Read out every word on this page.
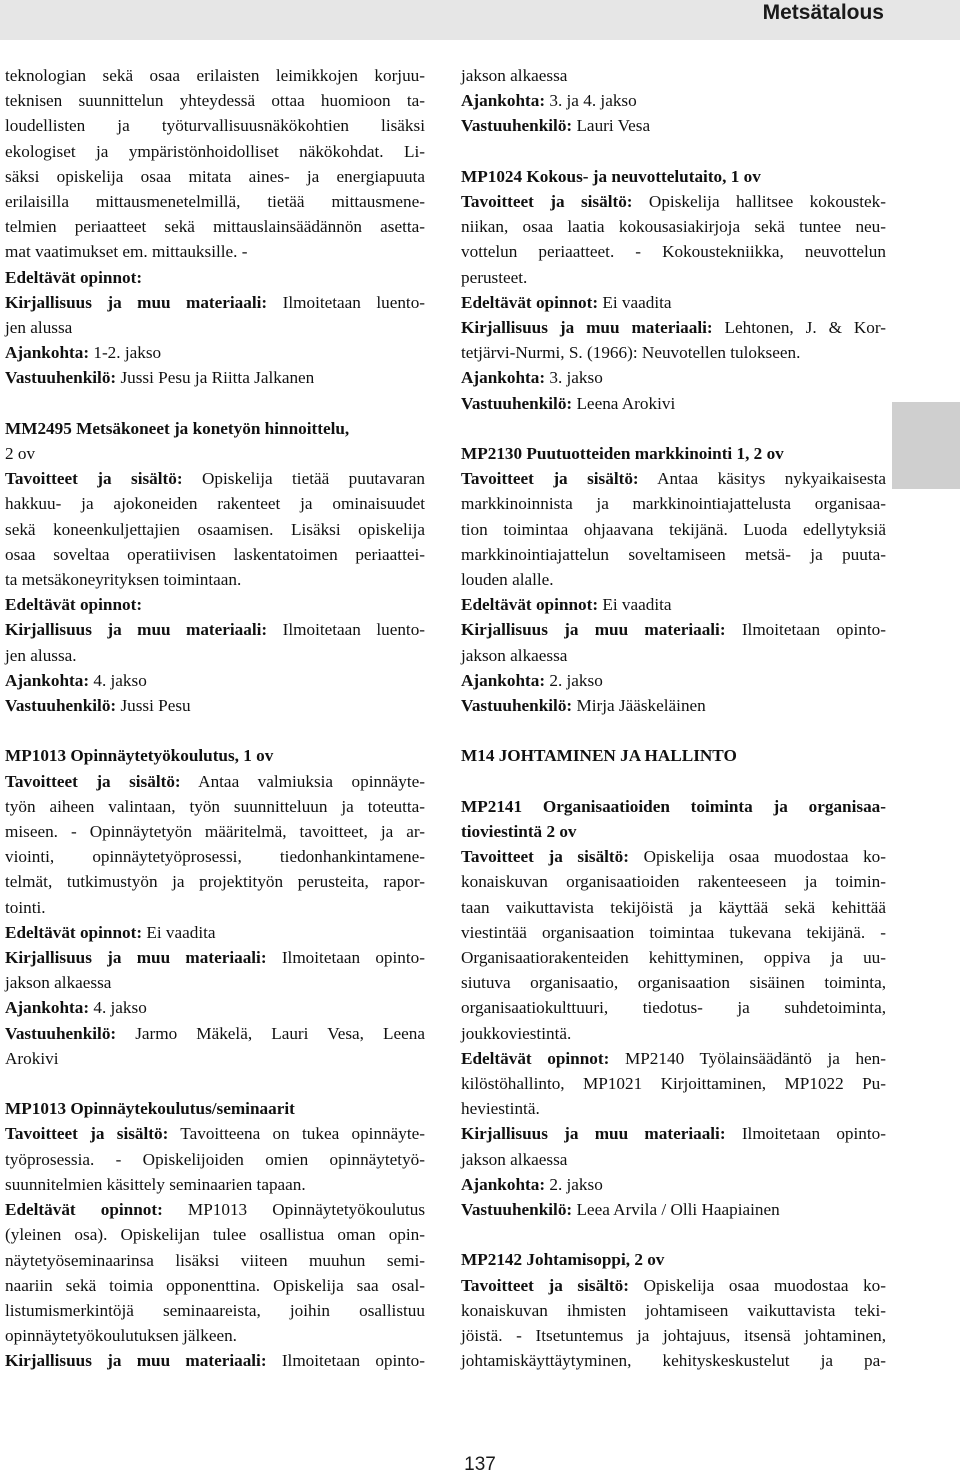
Metsätalous

teknologian sekä osaa erilaisten leimikkojen korjuu-

teknisen suunnittelun yhteydessä ottaa huomioon ta-

loudellisten ja työturvallisuusnäkökohtien lisäksi

ekologiset ja ympäristönhoidolliset näkökohdat. Li-

säksi opiskelija osaa mitata aines- ja energiapuuta

erilaisilla mittausmenetelmillä, tietää mittausmene-

telmien periaatteet sekä mittauslainsäädännön asetta-

mat vaatimukset em. mittauksille. -

Edeltävät opinnot:

Kirjallisuus ja muu materiaali: Ilmoitetaan luento-

jen alussa

Ajankohta: 1-2. jakso

Vastuuhenkilö: Jussi Pesu ja Riitta Jalkanen

MM2495 Metsäkoneet ja konetyön hinnoittelu,

2 ov

Tavoitteet ja sisältö: Opiskelija tietää puutavaran

hakkuu- ja ajokoneiden rakenteet ja ominaisuudet

sekä koneenkuljettajien osaamisen. Lisäksi opiskelija

osaa soveltaa operatiivisen laskentatoimen periaattei-

ta metsäkoneyrityksen toimintaan.

Edeltävät opinnot:

Kirjallisuus ja muu materiaali: Ilmoitetaan luento-

jen alussa.

Ajankohta: 4. jakso

Vastuuhenkilö: Jussi Pesu

MP1013 Opinnäytetyökoulutus, 1 ov

Tavoitteet ja sisältö: Antaa valmiuksia opinnäyte-

työn aiheen valintaan, työn suunnitteluun ja toteutta-

miseen. - Opinnäytetyön määritelmä, tavoitteet, ja ar-

viointi, opinnäytetyöprosessi, tiedonhankintamene-

telmät, tutkimustyön ja projektityön perusteita, rapor-

tointi.

Edeltävät opinnot: Ei vaadita

Kirjallisuus ja muu materiaali: Ilmoitetaan opinto-

jakson alkaessa

Ajankohta: 4. jakso

Vastuuhenkilö: Jarmo Mäkelä, Lauri Vesa, Leena

Arokivi

MP1013 Opinnäytekoulutus/seminaarit

Tavoitteet ja sisältö: Tavoitteena on tukea opinnäyte-

työprosessia. - Opiskelijoiden omien opinnäytetyö-

suunnitelmien käsittely seminaarien tapaan.

Edeltävät opinnot: MP1013 Opinnäytetyökoulutus

(yleinen osa). Opiskelijan tulee osallistua oman opin-

näytetyöseminaarinsa lisäksi viiteen muuhun semi-

naariin sekä toimia opponenttina. Opiskelija saa osal-

listumismerkintöjä seminaareista, joihin osallistuu

opinnäytetyökoulutuksen jälkeen.

Kirjallisuus ja muu materiaali: Ilmoitetaan opinto-

jakson alkaessa

Ajankohta: 3. ja 4. jakso

Vastuuhenkilö: Lauri Vesa

MP1024 Kokous- ja neuvottelutaito, 1 ov

Tavoitteet ja sisältö: Opiskelija hallitsee kokoustek-

niikan, osaa laatia kokousasiakirjoja sekä tuntee neu-

vottelun periaatteet. - Kokoustekniikka, neuvottelun

perusteet.

Edeltävät opinnot: Ei vaadita

Kirjallisuus ja muu materiaali: Lehtonen, J. & Kor-

tetjärvi-Nurmi, S. (1966): Neuvotellen tulokseen.

Ajankohta: 3. jakso

Vastuuhenkilö: Leena Arokivi

MP2130 Puutuotteiden markkinointi 1, 2 ov

Tavoitteet ja sisältö: Antaa käsitys nykyaikaisesta

markkinoinnista ja markkinointiajattelusta organisaa-

tion toimintaa ohjaavana tekijänä. Luoda edellytyksiä

markkinointiajattelun soveltamiseen metsä- ja puuta-

louden alalle.

Edeltävät opinnot: Ei vaadita

Kirjallisuus ja muu materiaali: Ilmoitetaan opinto-

jakson alkaessa

Ajankohta: 2. jakso

Vastuuhenkilö: Mirja Jääskeläinen

M14 JOHTAMINEN JA HALLINTO

MP2141 Organisaatioiden toiminta ja organisaa-

tioviestintä 2 ov

Tavoitteet ja sisältö: Opiskelija osaa muodostaa ko-

konaiskuvan organisaatioiden rakenteeseen ja toimin-

taan vaikuttavista tekijöistä ja käyttää sekä kehittää

viestintää organisaation toimintaa tukevana tekijänä. -

Organisaatiorakenteiden kehittyminen, oppiva ja uu-

siutuva organisaatio, organisaation sisäinen toiminta,

organisaatiokulttuuri, tiedotus- ja suhdetoiminta,

joukkoviestintä.

Edeltävät opinnot: MP2140 Työlainsäädäntö ja hen-

kilöstöhallinto, MP1021 Kirjoittaminen, MP1022 Pu-

heviestintä.

Kirjallisuus ja muu materiaali: Ilmoitetaan opinto-

jakson alkaessa

Ajankohta: 2. jakso

Vastuuhenkilö: Leea Arvila / Olli Haapiainen

MP2142 Johtamisoppi, 2 ov

Tavoitteet ja sisältö: Opiskelija osaa muodostaa ko-

konaiskuvan ihmisten johtamiseen vaikuttavista teki-

jöistä. - Itsetuntemus ja johtajuus, itsensä johtaminen,

johtamiskäyttäytyminen, kehityskeskustelut ja pa-

137
